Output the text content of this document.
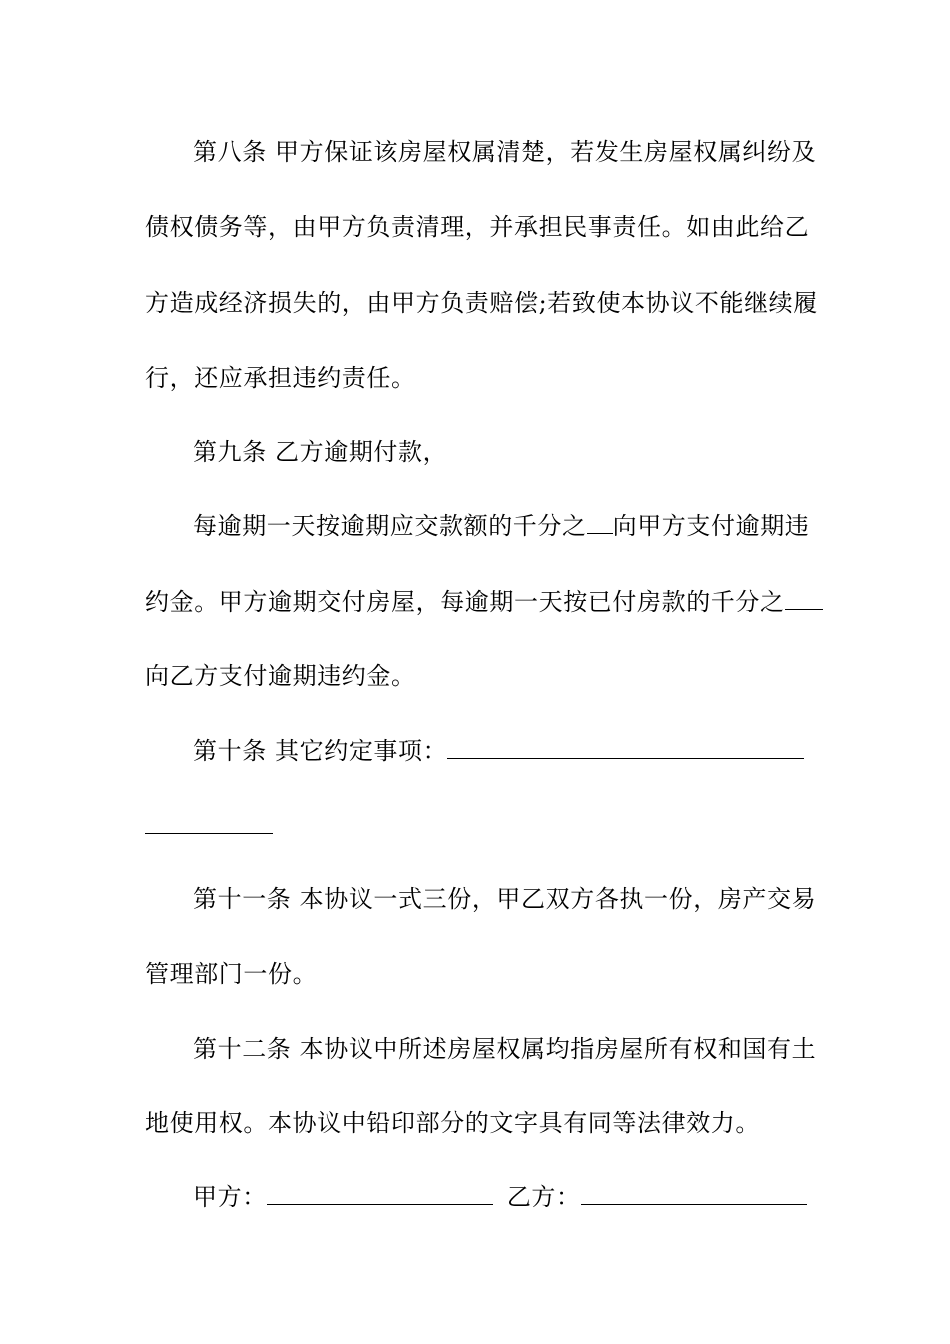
第八条 甲方保证该房屋权属清楚，若发生房屋权属纠纷及
债权债务等，由甲方负责清理，并承担民事责任。如由此给乙
方造成经济损失的，由甲方负责赔偿;若致使本协议不能继续履
行，还应承担违约责任。
第九条 乙方逾期付款，
每逾期一天按逾期应交款额的千分之 向甲方支付逾期违
约金。甲方逾期交付房屋，每逾期一天按已付房款的千分之
向乙方支付逾期违约金。
第十条 其它约定事项：
第十一条 本协议一式三份，甲乙双方各执一份，房产交易
管理部门一份。
第十二条 本协议中所述房屋权属均指房屋所有权和国有土
地使用权。本协议中铅印部分的文字具有同等法律效力。
甲方：	乙方：
